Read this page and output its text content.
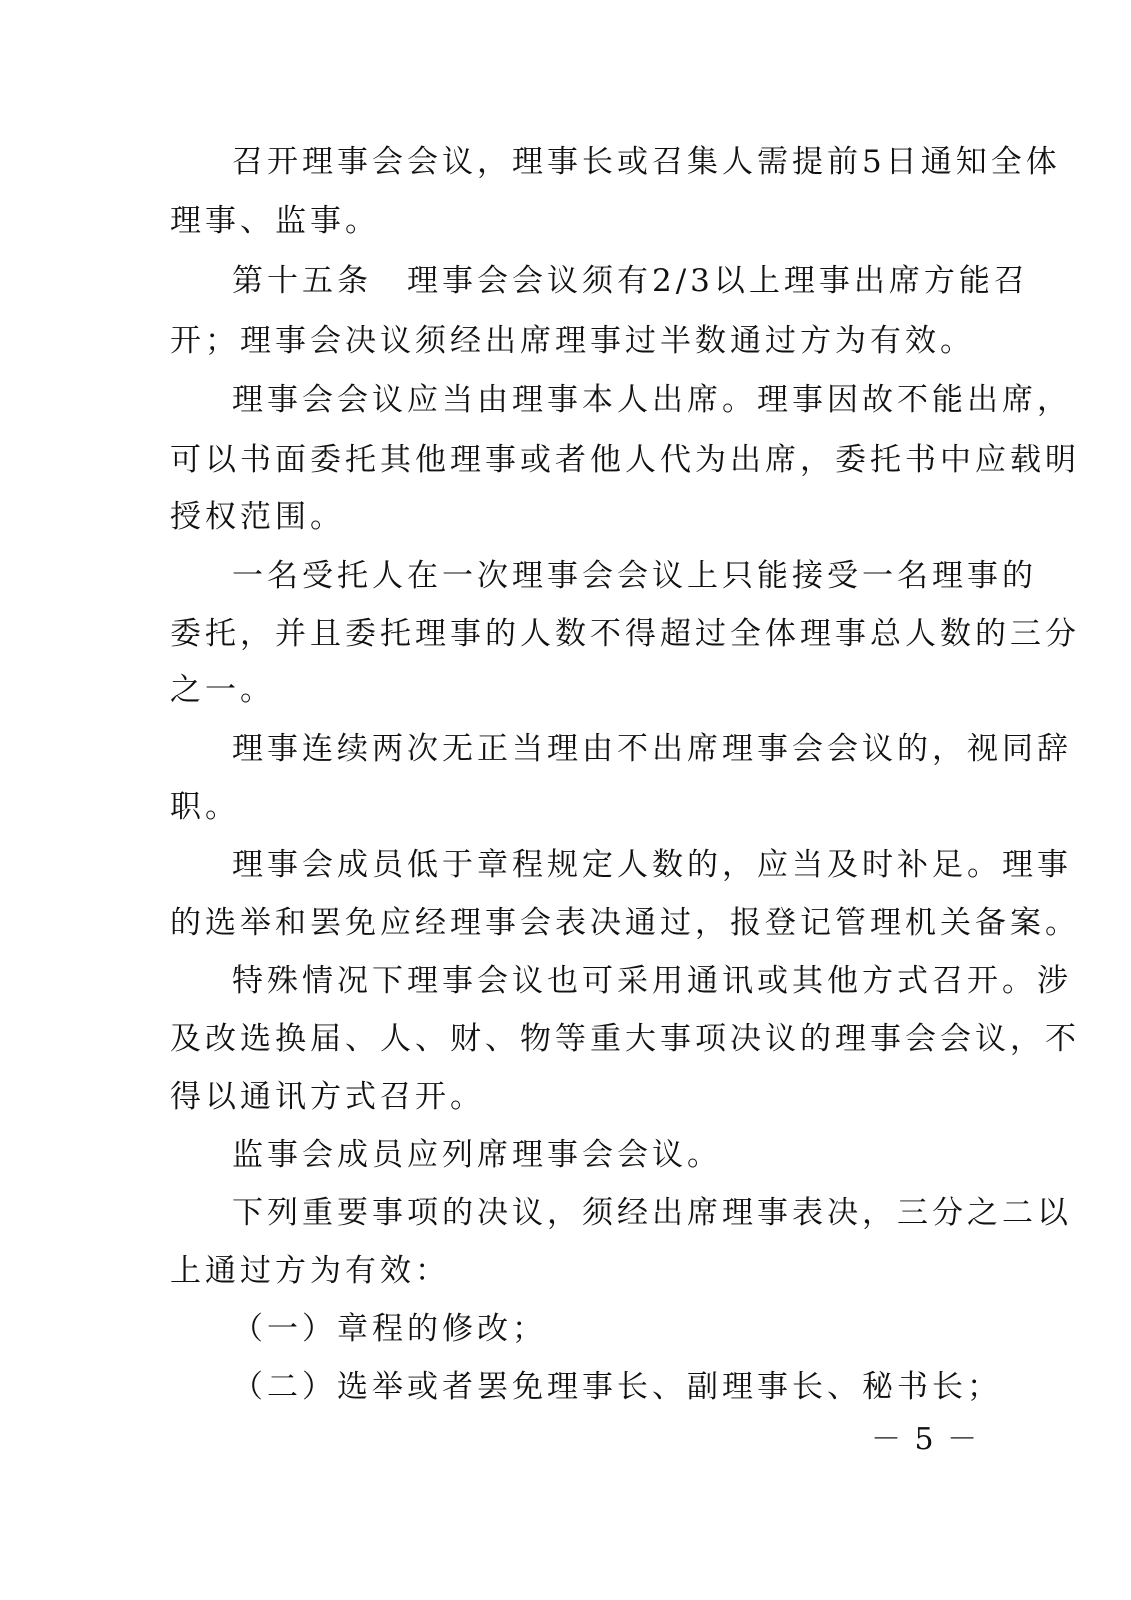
召开理事会会议，理事长或召集人需提前5日通知全体
理事、监事。
第十五条　理事会会议须有2/3以上理事出席方能召
开；理事会决议须经出席理事过半数通过方为有效。
理事会会议应当由理事本人出席。理事因故不能出席，
可以书面委托其他理事或者他人代为出席，委托书中应载明
授权范围。
一名受托人在一次理事会会议上只能接受一名理事的
委托，并且委托理事的人数不得超过全体理事总人数的三分
之一。
理事连续两次无正当理由不出席理事会会议的，视同辞
职。
理事会成员低于章程规定人数的，应当及时补足。理事
的选举和罢免应经理事会表决通过，报登记管理机关备案。
特殊情况下理事会议也可采用通讯或其他方式召开。涉
及改选换届、人、财、物等重大事项决议的理事会会议，不
得以通讯方式召开。
监事会成员应列席理事会会议。
下列重要事项的决议，须经出席理事表决，三分之二以
上通过方为有效：
（一）章程的修改；
（二）选举或者罢免理事长、副理事长、秘书长；
－ 5 －
